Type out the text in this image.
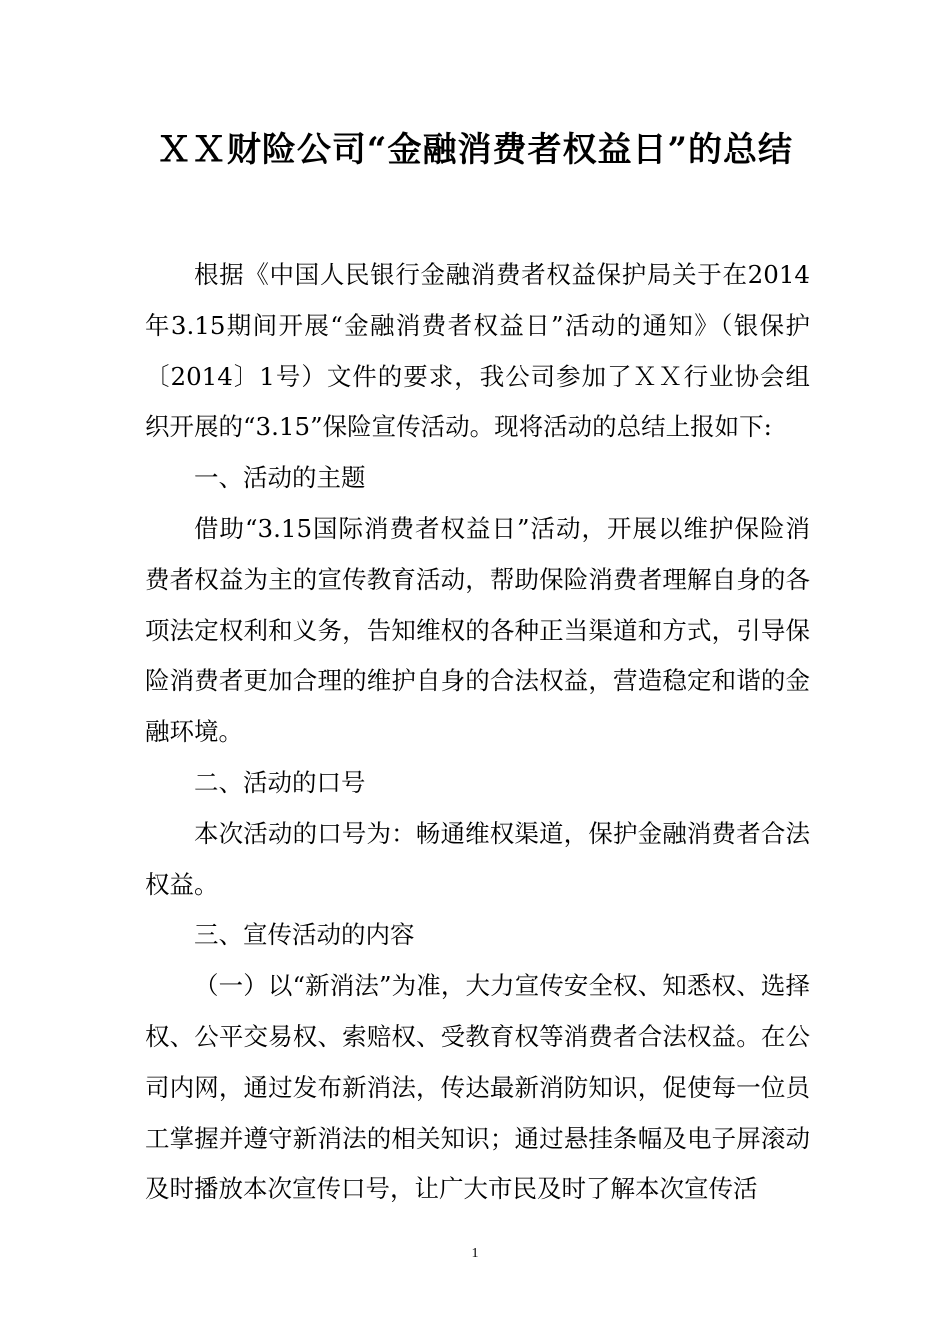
ＸＸ财险公司“金融消费者权益日”的总结

根据《中国人民银行金融消费者权益保护局关于在2014年3.15期间开展“金融消费者权益日”活动的通知》（银保护〔2014〕1号）文件的要求，我公司参加了ＸＸ行业协会组织开展的“3.15”保险宣传活动。现将活动的总结上报如下:

一、活动的主题

借助“3.15国际消费者权益日”活动，开展以维护保险消费者权益为主的宣传教育活动，帮助保险消费者理解自身的各项法定权利和义务，告知维权的各种正当渠道和方式，引导保险消费者更加合理的维护自身的合法权益，营造稳定和谐的金融环境。

二、活动的口号

本次活动的口号为：畅通维权渠道，保护金融消费者合法权益。

三、宣传活动的内容

（一）以“新消法”为准，大力宣传安全权、知悉权、选择权、公平交易权、索赔权、受教育权等消费者合法权益。在公司内网，通过发布新消法，传达最新消防知识，促使每一位员工掌握并遵守新消法的相关知识；通过悬挂条幅及电子屏滚动及时播放本次宣传口号，让广大市民及时了解本次宣传活

1
